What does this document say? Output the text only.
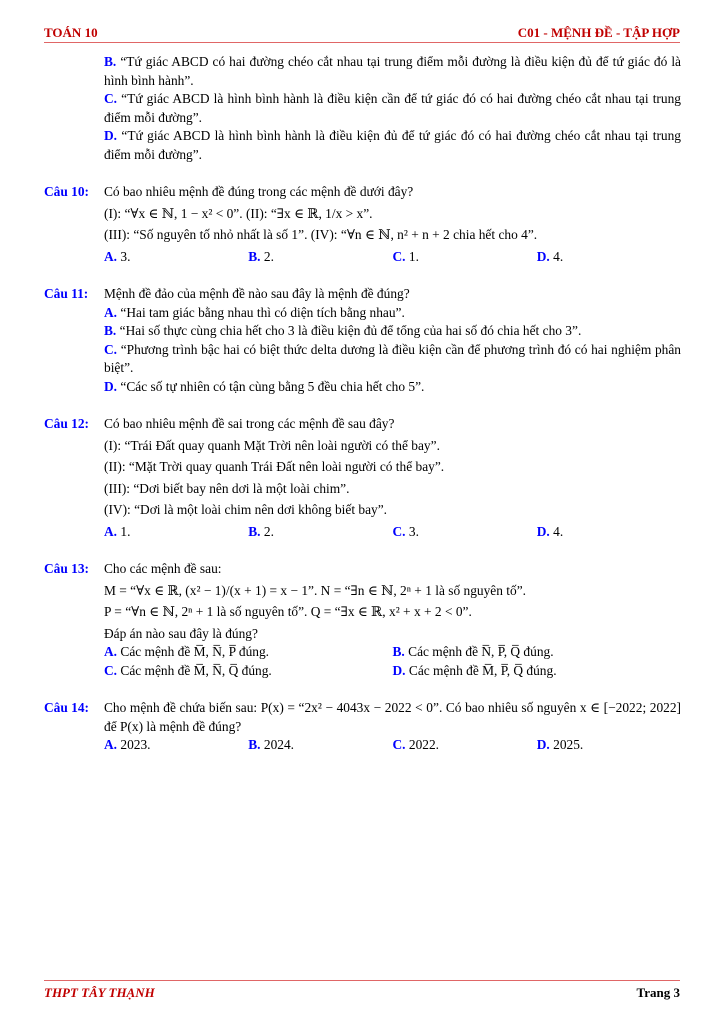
TOÁN 10	C01 - MỆNH ĐỀ - TẬP HỢP
B. “Tứ giác ABCD có hai đường chéo cắt nhau tại trung điểm mỗi đường là điều kiện đủ để tứ giác đó là hình bình hành”.
C. “Tứ giác ABCD là hình bình hành là điều kiện cần để tứ giác đó có hai đường chéo cắt nhau tại trung điểm mỗi đường”.
D. “Tứ giác ABCD là hình bình hành là điều kiện đủ để tứ giác đó có hai đường chéo cắt nhau tại trung điểm mỗi đường”.
Câu 10: Có bao nhiêu mệnh đề đúng trong các mệnh đề dưới đây?
(I): “∀x ∈ ℕ, 1 − x² < 0”. (II): “∃x ∈ ℝ, 1/x > x”.
(III): “Số nguyên tố nhỏ nhất là số 1”. (IV): “∀n ∈ ℕ, n² + n + 2 chia hết cho 4”.
A. 3.	B. 2.	C. 1.	D. 4.
Câu 11: Mệnh đề đảo của mệnh đề nào sau đây là mệnh đề đúng?
A. “Hai tam giác bằng nhau thì có diện tích bằng nhau”.
B. “Hai số thực cùng chia hết cho 3 là điều kiện đủ để tổng của hai số đó chia hết cho 3”.
C. “Phương trình bậc hai có biệt thức delta dương là điều kiện cần để phương trình đó có hai nghiệm phân biệt”.
D. “Các số tự nhiên có tận cùng bằng 5 đều chia hết cho 5”.
Câu 12: Có bao nhiêu mệnh đề sai trong các mệnh đề sau đây?
(I): “Trái Đất quay quanh Mặt Trời nên loài người có thể bay”.
(II): “Mặt Trời quay quanh Trái Đất nên loài người có thể bay”.
(III): “Dơi biết bay nên dơi là một loài chim”.
(IV): “Dơi là một loài chim nên dơi không biết bay”.
A. 1.	B. 2.	C. 3.	D. 4.
Câu 13: Cho các mệnh đề sau:
M = “∀x ∈ ℝ, (x² − 1)/(x + 1) = x − 1”. N = “∃n ∈ ℕ, 2ⁿ + 1 là số nguyên tố”.
P = “∀n ∈ ℕ, 2ⁿ + 1 là số nguyên tố”. Q = “∃x ∈ ℝ, x² + x + 2 < 0”.
Đáp án nào sau đây là đúng?
A. Các mệnh đề M̅, N̅, P̅ đúng.	B. Các mệnh đề N̅, P̅, Q̅ đúng.
C. Các mệnh đề M̅, N̅, Q̅ đúng.	D. Các mệnh đề M̅, P̅, Q̅ đúng.
Câu 14: Cho mệnh đề chứa biến sau: P(x) = “2x² − 4043x − 2022 < 0”. Có bao nhiêu số nguyên x ∈ [−2022; 2022] để P(x) là mệnh đề đúng?
A. 2023.	B. 2024.	C. 2022.	D. 2025.
THPT TÂY THẠNH	Trang 3
